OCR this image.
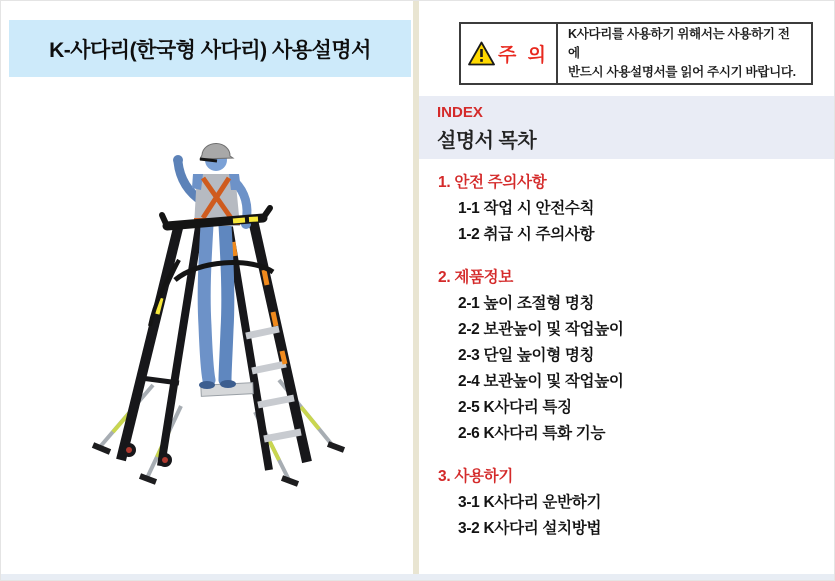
K-사다리(한국형 사다리) 사용설명서	주 의
K사다리를 사용하기 위해서는 사용하기 전에
반드시 사용설명서를 읽어 주시기 바랍니다.
INDEX
설명서 목차
1. 안전 주의사항
1-1 작업 시 안전수칙
1-2 취급 시 주의사항
2. 제품정보
2-1 높이 조절형 명칭
2-2 보관높이 및 작업높이
2-3 단일 높이형 명칭
2-4 보관높이 및 작업높이
2-5 K사다리 특징
2-6 K사다리 특화 기능
3. 사용하기
3-1 K사다리 운반하기
3-2 K사다리 설치방법
